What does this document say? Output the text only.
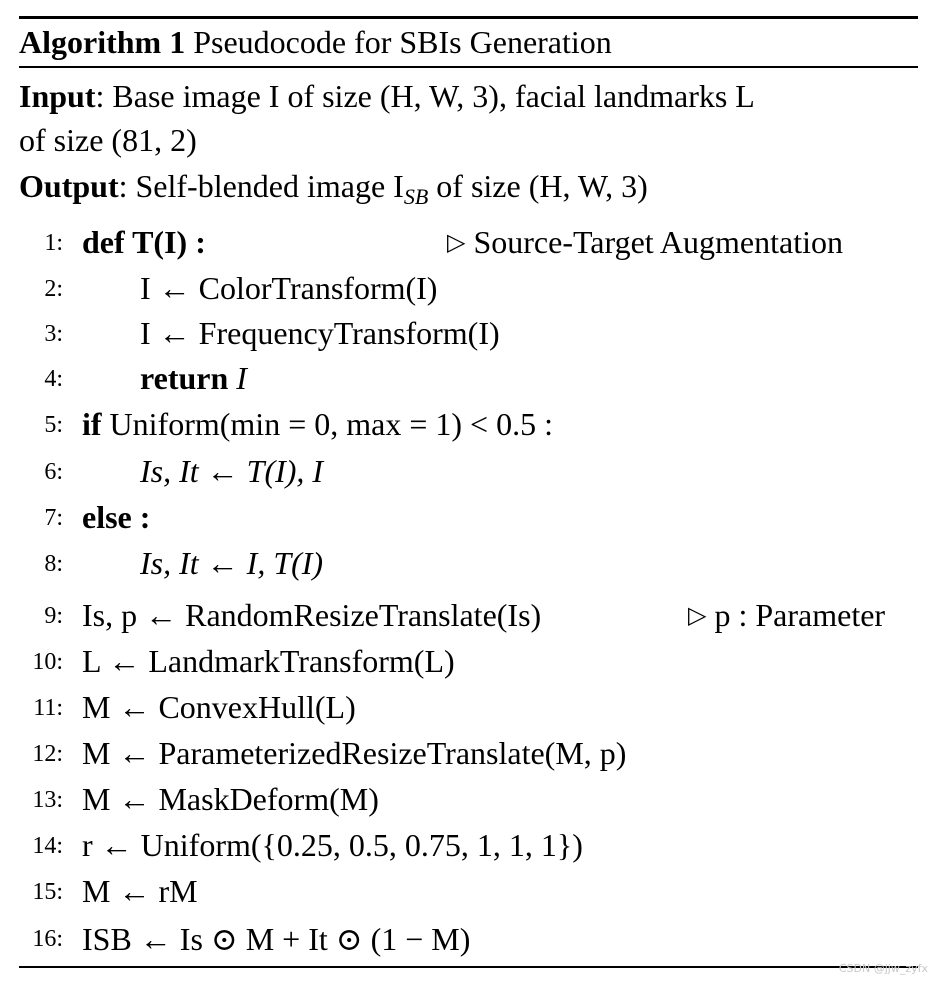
Algorithm 1 Pseudocode for SBIs Generation
Input: Base image I of size (H, W, 3), facial landmarks L
of size (81, 2)
Output: Self-blended image $I_{SB}$ of size (H, W, 3)
1: def T(I) :	▷ Source-Target Augmentation
2: I ← ColorTransform(I)
3: I ← FrequencyTransform(I)
4: return I
5: if Uniform(min = 0, max = 1) < 0.5 :
6: Is, It ← T(I), I
7: else :
8: Is, It ← I, T(I)
9: Is, p ← RandomResizeTranslate(Is)	▷ p : Parameter
10: L ← LandmarkTransform(L)
11: M ← ConvexHull(L)
12: M ← ParameterizedResizeTranslate(M, p)
13: M ← MaskDeform(M)
14: r ← Uniform({0.25, 0.5, 0.75, 1, 1, 1})
15: M ← rM
16: ISB ← Is ⊙ M + It ⊙ (1 − M)
CSDN @jjw_zyfx
